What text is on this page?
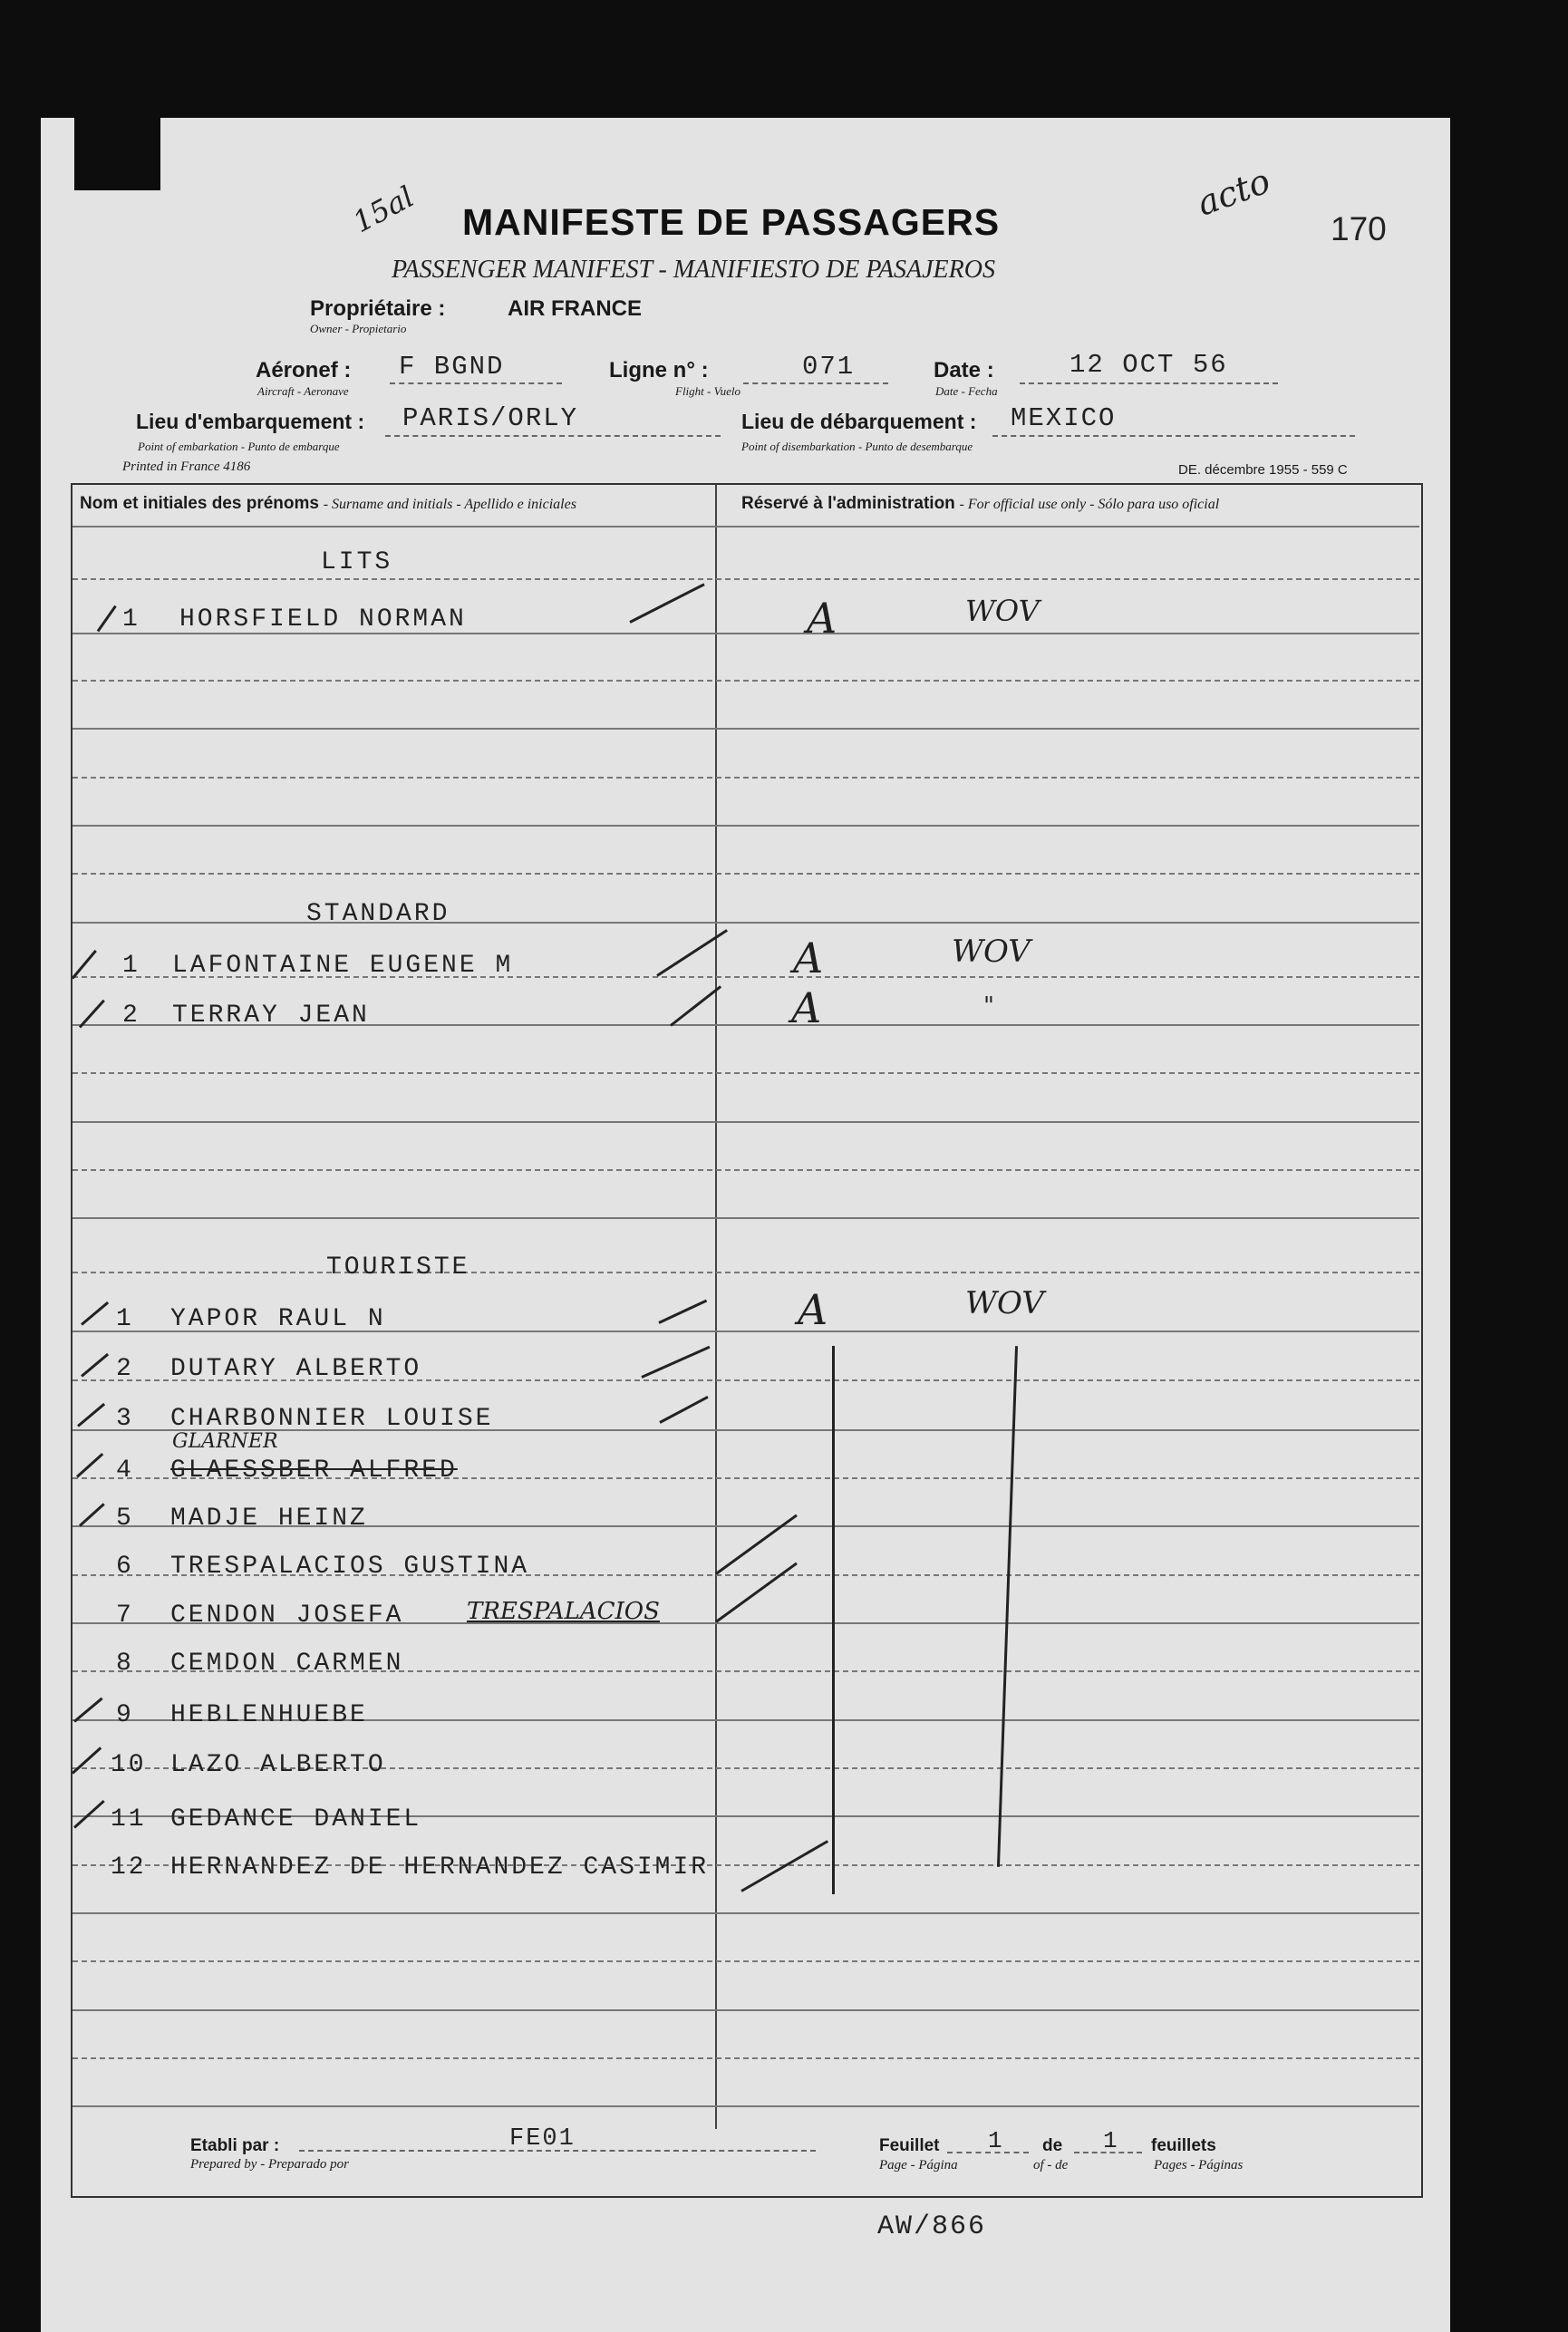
15al MANIFESTE DE PASSAGERS
PASSENGER MANIFEST - MANIFIESTO DE PASAJEROS
acto
170
Propriétaire :	AIR FRANCE
Owner - Propietario
Aéronef : F BGND
Aircraft - Aeronave
Ligne n° :	071
Flight - Vuelo
Date :	12 OCT 56
Date - Fecha
Lieu d'embarquement : PARIS/ORLY
Point of embarkation - Punto de embarque
Lieu de débarquement : MEXICO
Point of disembarkation - Punto de desembarque
Printed in France 4186	DE. décembre 1955 - 559 C
Nom et initiales des prénoms - Surname and initials - Apellido e iniciales	Réservé à l'administration - For official use only - Sólo para uso oficial
LITS
STANDARD
TOURISTE
1 HORSFIELD NORMAN	A	WOV
1 LAFONTAINE EUGENE M	A	WOV
2 TERRAY JEAN	A	"
1 YAPOR RAUL N	A	WOV
2 DUTARY ALBERTO
3 CHARBONNIER LOUISE
GLARNER
4 GLAESSBER ALFRED
5 MADJE HEINZ
6 TRESPALACIOS GUSTINA
7 CENDON JOSEFA	TRESPALACIOS
8 CEMDON CARMEN
9 HEBLENHUEBE
10 LAZO ALBERTO
11 GEDANCE DANIEL
12 HERNANDEZ DE HERNANDEZ CASIMIR
Etabli par :
Prepared by - Preparado por
FE01	Feuillet 1 de 1 feuillets
Page - Página	of - de	Pages - Páginas
AW/866
